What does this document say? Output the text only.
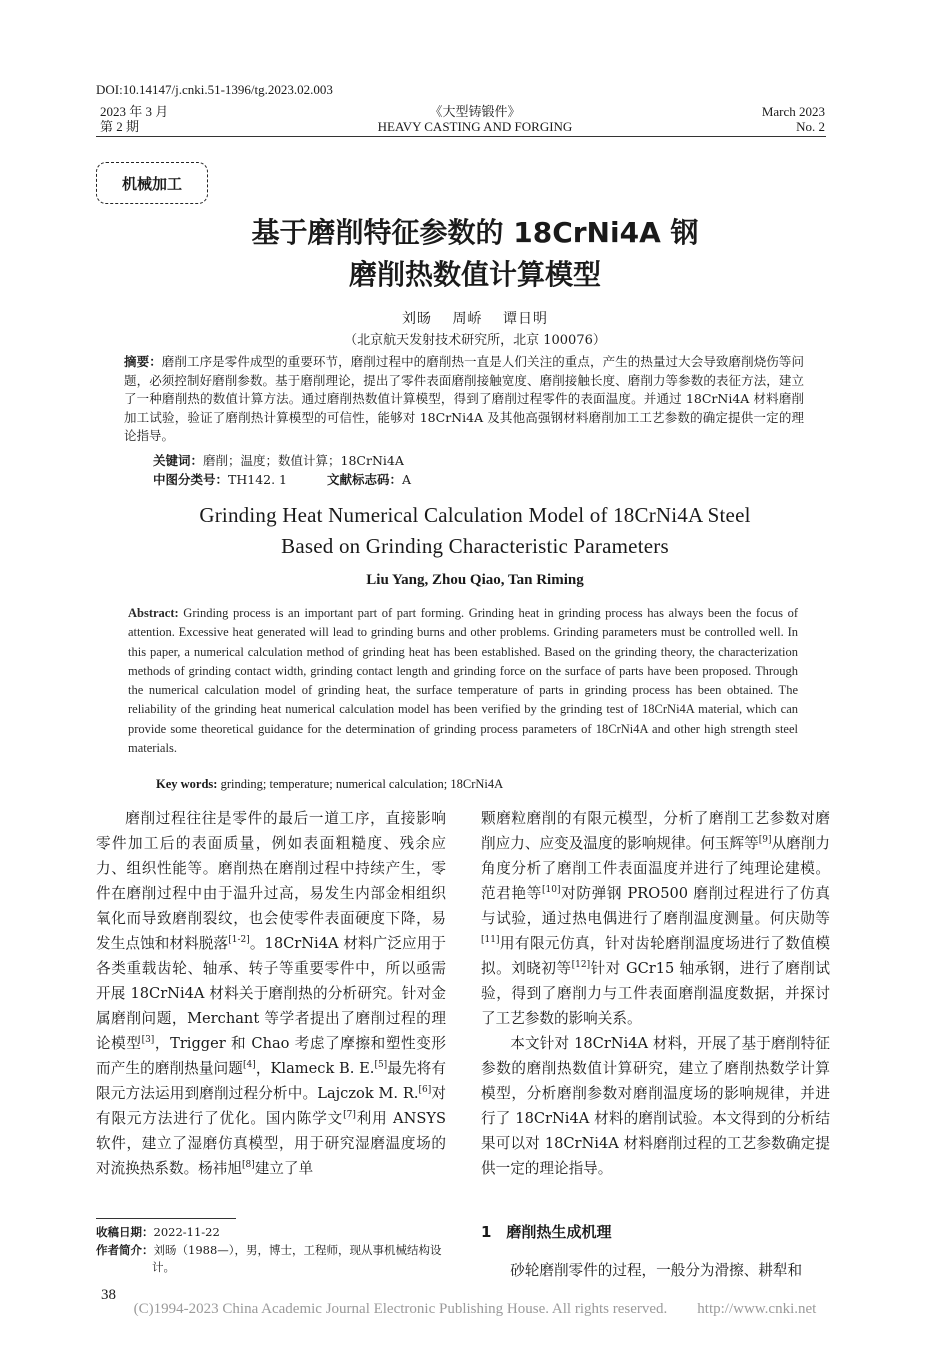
DOI:10.14147/j.cnki.51-1396/tg.2023.02.003
2023 年 3 月
第 2 期
《大型铸锻件》
HEAVY CASTING AND FORGING
March 2023
No. 2
机械加工
基于磨削特征参数的 18CrNi4A 钢
磨削热数值计算模型
刘旸 　周峤 　谭日明
（北京航天发射技术研究所，北京 100076）
摘要：磨削工序是零件成型的重要环节，磨削过程中的磨削热一直是人们关注的重点，产生的热量过大会导致磨削烧伤等问题，必须控制好磨削参数。基于磨削理论，提出了零件表面磨削接触宽度、磨削接触长度、磨削力等参数的表征方法，建立了一种磨削热的数值计算方法。通过磨削热数值计算模型，得到了磨削过程零件的表面温度。并通过 18CrNi4A 材料磨削加工试验，验证了磨削热计算模型的可信性，能够对 18CrNi4A 及其他高强钢材料磨削加工工艺参数的确定提供一定的理论指导。
关键词：磨削；温度；数值计算；18CrNi4A
中图分类号：TH142. 1	文献标志码：A
Grinding Heat Numerical Calculation Model of 18CrNi4A Steel
Based on Grinding Characteristic Parameters
Liu Yang, Zhou Qiao, Tan Riming
Abstract: Grinding process is an important part of part forming. Grinding heat in grinding process has always been the focus of attention. Excessive heat generated will lead to grinding burns and other problems. Grinding parameters must be controlled well. In this paper, a numerical calculation method of grinding heat has been established. Based on the grinding theory, the characterization methods of grinding contact width, grinding contact length and grinding force on the surface of parts have been proposed. Through the numerical calculation model of grinding heat, the surface temperature of parts in grinding process has been obtained. The reliability of the grinding heat numerical calculation model has been verified by the grinding test of 18CrNi4A material, which can provide some theoretical guidance for the determination of grinding process parameters of 18CrNi4A and other high strength steel materials.
Key words: grinding; temperature; numerical calculation; 18CrNi4A

磨削过程往往是零件的最后一道工序，直接影响零件加工后的表面质量，例如表面粗糙度、残余应力、组织性能等。磨削热在磨削过程中持续产生，零件在磨削过程中由于温升过高，易发生内部金相组织氧化而导致磨削裂纹，也会使零件表面硬度下降，易发生点蚀和材料脱落[1-2]。18CrNi4A 材料广泛应用于各类重载齿轮、轴承、转子等重要零件中，所以亟需开展 18CrNi4A 材料关于磨削热的分析研究。针对金属磨削问题，Merchant 等学者提出了磨削过程的理论模型[3]，Trigger 和 Chao 考虑了摩擦和塑性变形而产生的磨削热量问题[4]，Klameck B. E.[5]最先将有限元方法运用到磨削过程分析中。Lajczok M. R.[6]对有限元方法进行了优化。国内陈学文[7]利用 ANSYS 软件，建立了湿磨仿真模型，用于研究湿磨温度场的对流换热系数。杨祎旭[8]建立了单

颗磨粒磨削的有限元模型，分析了磨削工艺参数对磨削应力、应变及温度的影响规律。何玉辉等[9]从磨削力角度分析了磨削工件表面温度并进行了纯理论建模。范君艳等[10]对防弹钢 PRO500 磨削过程进行了仿真与试验，通过热电偶进行了磨削温度测量。何庆勋等[11]用有限元仿真，针对齿轮磨削温度场进行了数值模拟。刘晓初等[12]针对 GCr15 轴承钢，进行了磨削试验，得到了磨削力与工件表面磨削温度数据，并探讨了工艺参数的影响关系。

本文针对 18CrNi4A 材料，开展了基于磨削特征参数的磨削热数值计算研究，建立了磨削热数学计算模型，分析磨削参数对磨削温度场的影响规律，并进行了 18CrNi4A 材料的磨削试验。本文得到的分析结果可以对 18CrNi4A 材料磨削过程的工艺参数确定提供一定的理论指导。

1　磨削热生成机理
砂轮磨削零件的过程，一般分为滑擦、耕犁和
收稿日期：2022-11-22
作者简介：刘旸（1988—），男，博士，工程师，现从事机械结构设
计。
38
(C)1994-2023 China Academic Journal Electronic Publishing House. All rights reserved.　　http://www.cnki.net
